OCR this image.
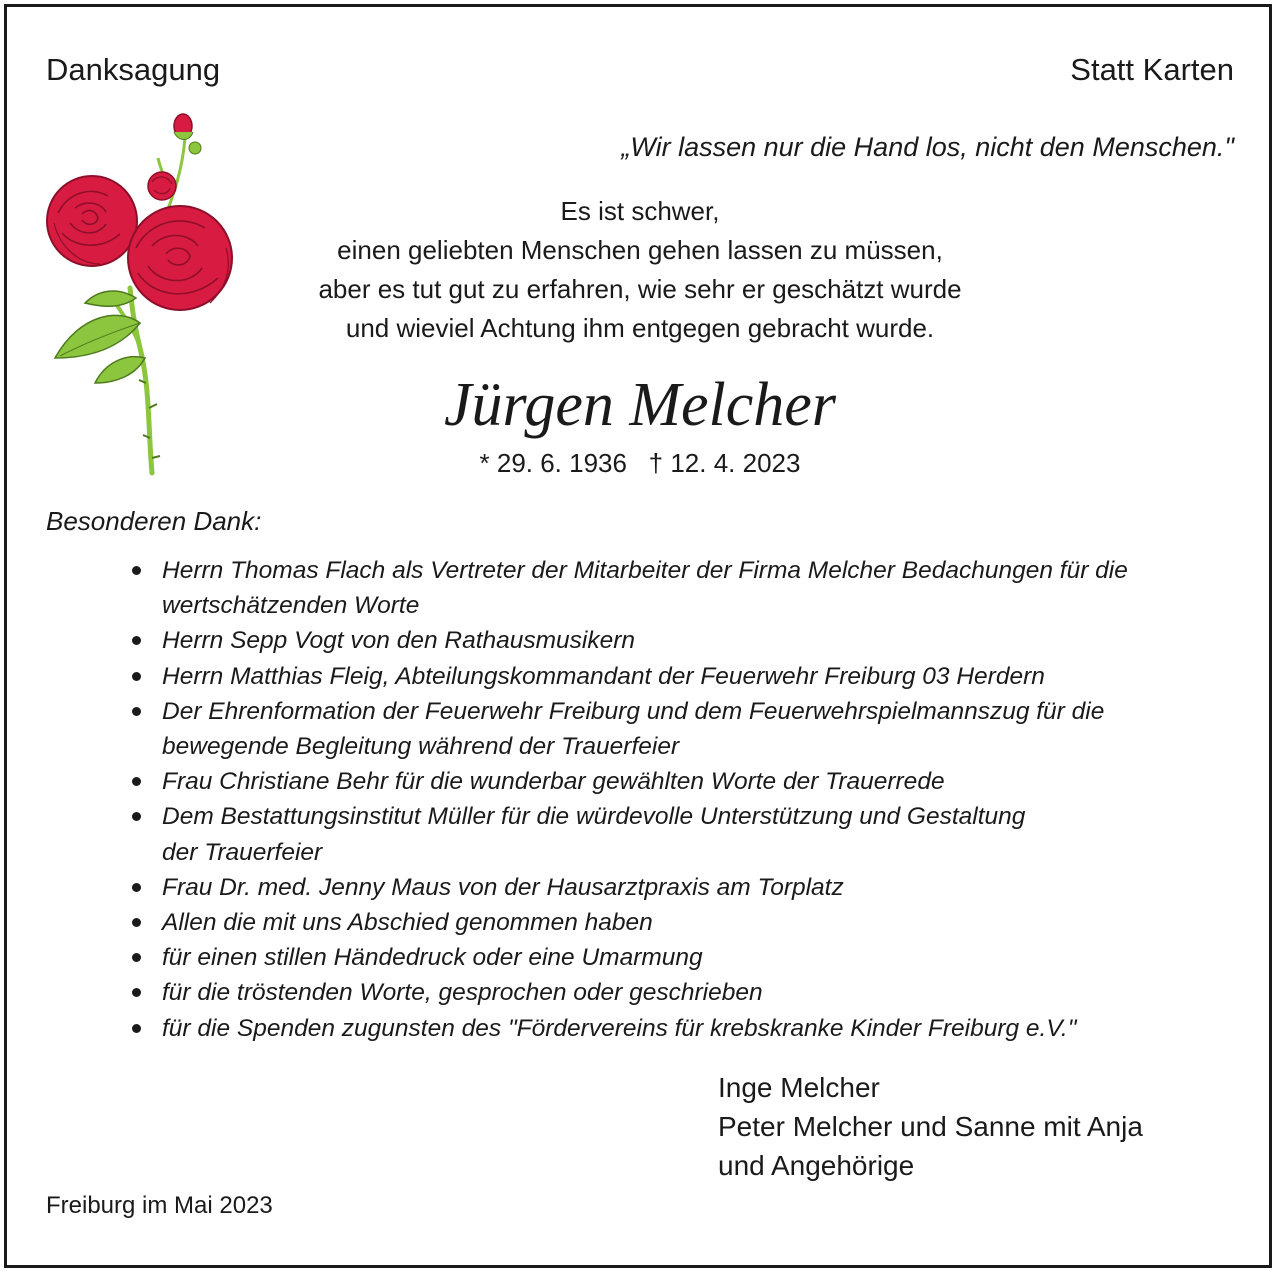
Danksagung	Statt Karten
„Wir lassen nur die Hand los, nicht den Menschen."
Es ist schwer,
einen geliebten Menschen gehen lassen zu müssen,
aber es tut gut zu erfahren, wie sehr er geschätzt wurde
und wieviel Achtung ihm entgegen gebracht wurde.
Jürgen Melcher
* 29. 6. 1936 † 12. 4. 2023
Besonderen Dank:
Herrn Thomas Flach als Vertreter der Mitarbeiter der Firma Melcher Bedachungen für die
wertschätzenden Worte
Herrn Sepp Vogt von den Rathausmusikern
Herrn Matthias Fleig, Abteilungskommandant der Feuerwehr Freiburg 03 Herdern
Der Ehrenformation der Feuerwehr Freiburg und dem Feuerwehrspielmannszug für die
bewegende Begleitung während der Trauerfeier
Frau Christiane Behr für die wunderbar gewählten Worte der Trauerrede
Dem Bestattungsinstitut Müller für die würdevolle Unterstützung und Gestaltung
der Trauerfeier
Frau Dr. med. Jenny Maus von der Hausarztpraxis am Torplatz
Allen die mit uns Abschied genommen haben
für einen stillen Händedruck oder eine Umarmung
für die tröstenden Worte, gesprochen oder geschrieben
für die Spenden zugunsten des "Fördervereins für krebskranke Kinder Freiburg e.V."
Inge Melcher
Peter Melcher und Sanne mit Anja
und Angehörige
Freiburg im Mai 2023
